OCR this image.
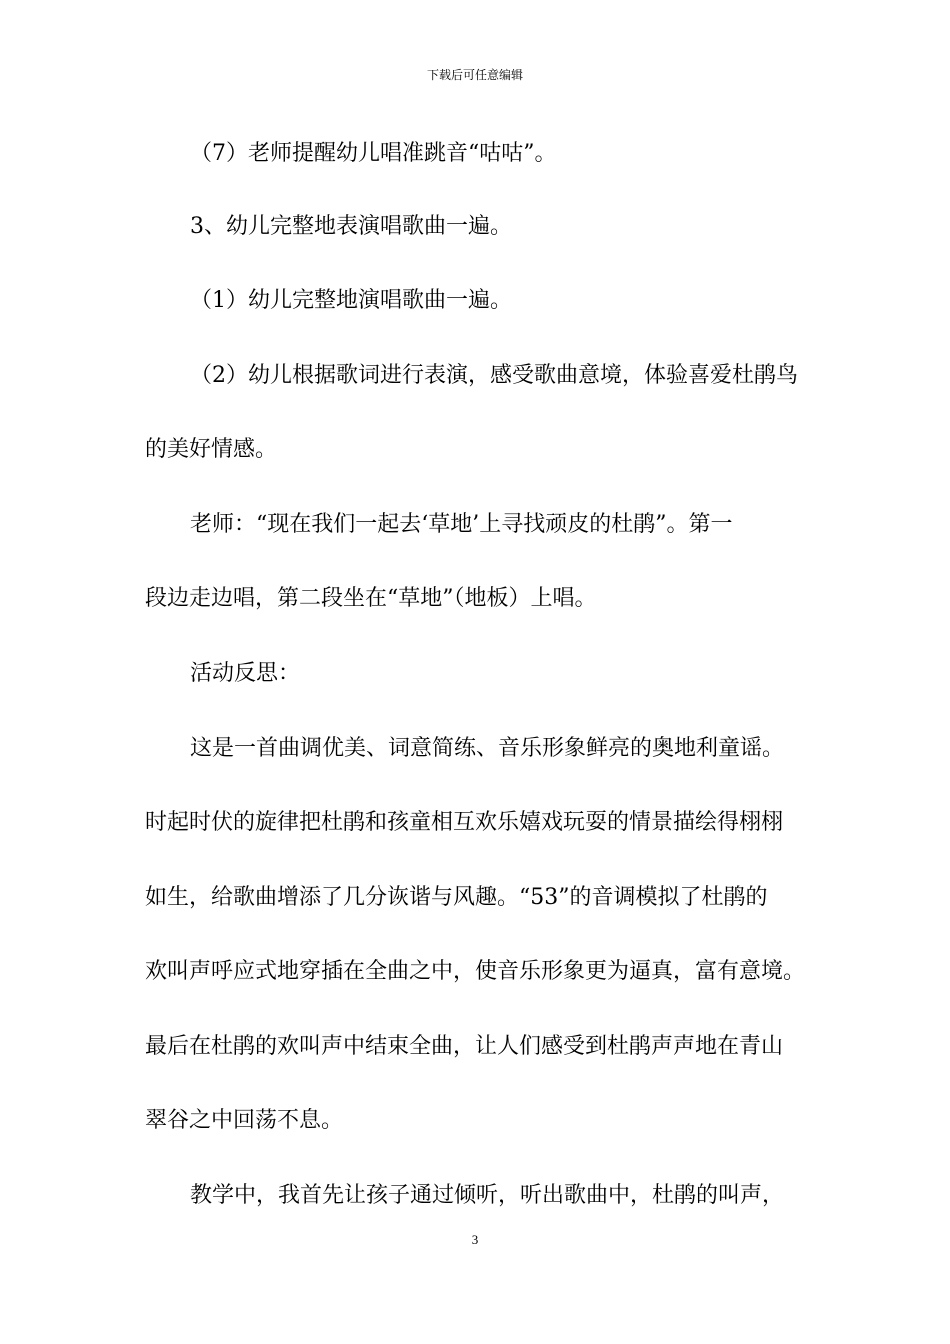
下载后可任意编辑
（7）老师提醒幼儿唱准跳音“咕咕”。
3、幼儿完整地表演唱歌曲一遍。
（1）幼儿完整地演唱歌曲一遍。
（2）幼儿根据歌词进行表演，感受歌曲意境，体验喜爱杜鹃鸟
的美好情感。
老师：“现在我们一起去‘草地’上寻找顽皮的杜鹃”。第一
段边走边唱，第二段坐在“草地”（地板）上唱。
活动反思：
这是一首曲调优美、词意简练、音乐形象鲜亮的奥地利童谣。
时起时伏的旋律把杜鹃和孩童相互欢乐嬉戏玩耍的情景描绘得栩栩
如生，给歌曲增添了几分诙谐与风趣。“53”的音调模拟了杜鹃的
欢叫声呼应式地穿插在全曲之中，使音乐形象更为逼真，富有意境。
最后在杜鹃的欢叫声中结束全曲，让人们感受到杜鹃声声地在青山
翠谷之中回荡不息。
教学中，我首先让孩子通过倾听，听出歌曲中，杜鹃的叫声，
3
